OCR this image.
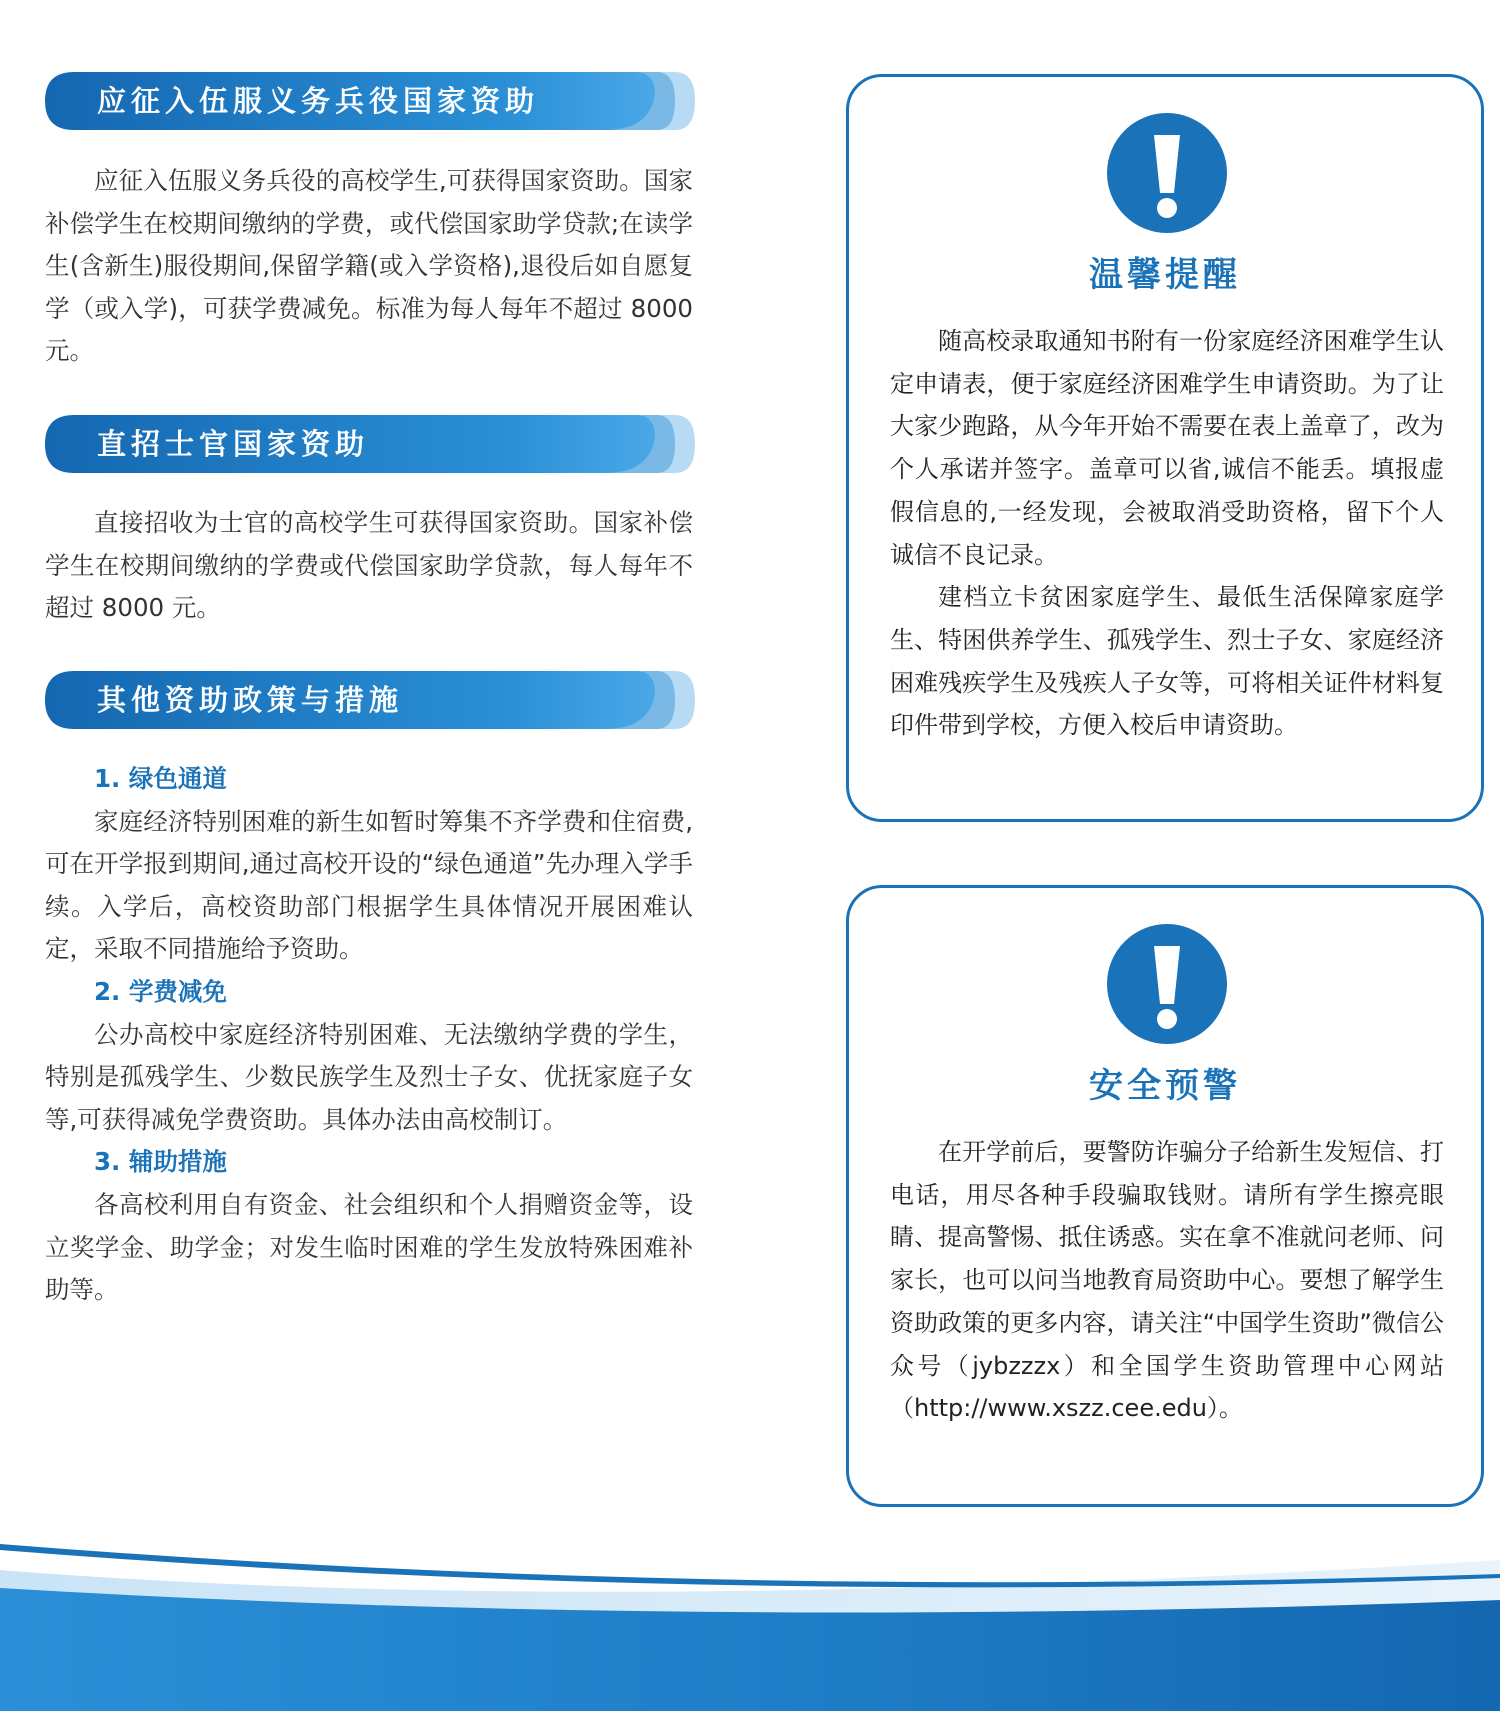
应征入伍服义务兵役国家资助

应征入伍服义务兵役的高校学生,可获得国家资助。国家补偿学生在校期间缴纳的学费，或代偿国家助学贷款;在读学生(含新生)服役期间,保留学籍(或入学资格),退役后如自愿复学（或入学)，可获学费减免。标准为每人每年不超过 8000 元。

直招士官国家资助

直接招收为士官的高校学生可获得国家资助。国家补偿学生在校期间缴纳的学费或代偿国家助学贷款，每人每年不超过 8000 元。

其他资助政策与措施
1. 绿色通道

家庭经济特别困难的新生如暂时筹集不齐学费和住宿费,可在开学报到期间,通过高校开设的“绿色通道”先办理入学手续。入学后，高校资助部门根据学生具体情况开展困难认定，采取不同措施给予资助。

2. 学费减免

公办高校中家庭经济特别困难、无法缴纳学费的学生，特别是孤残学生、少数民族学生及烈士子女、优抚家庭子女等,可获得减免学费资助。具体办法由高校制订。

3. 辅助措施

各高校利用自有资金、社会组织和个人捐赠资金等，设立奖学金、助学金；对发生临时困难的学生发放特殊困难补助等。

温馨提醒

随高校录取通知书附有一份家庭经济困难学生认定申请表，便于家庭经济困难学生申请资助。为了让大家少跑路，从今年开始不需要在表上盖章了，改为个人承诺并签字。盖章可以省,诚信不能丢。填报虚假信息的,一经发现，会被取消受助资格，留下个人诚信不良记录。

建档立卡贫困家庭学生、最低生活保障家庭学生、特困供养学生、孤残学生、烈士子女、家庭经济困难残疾学生及残疾人子女等，可将相关证件材料复印件带到学校，方便入校后申请资助。

安全预警

在开学前后，要警防诈骗分子给新生发短信、打电话，用尽各种手段骗取钱财。请所有学生擦亮眼睛、提高警惕、抵住诱惑。实在拿不准就问老师、问家长，也可以问当地教育局资助中心。要想了解学生资助政策的更多内容，请关注“中国学生资助”微信公众号（jybzzzx）和全国学生资助管理中心网站（http://www.xszz.cee.edu）。
